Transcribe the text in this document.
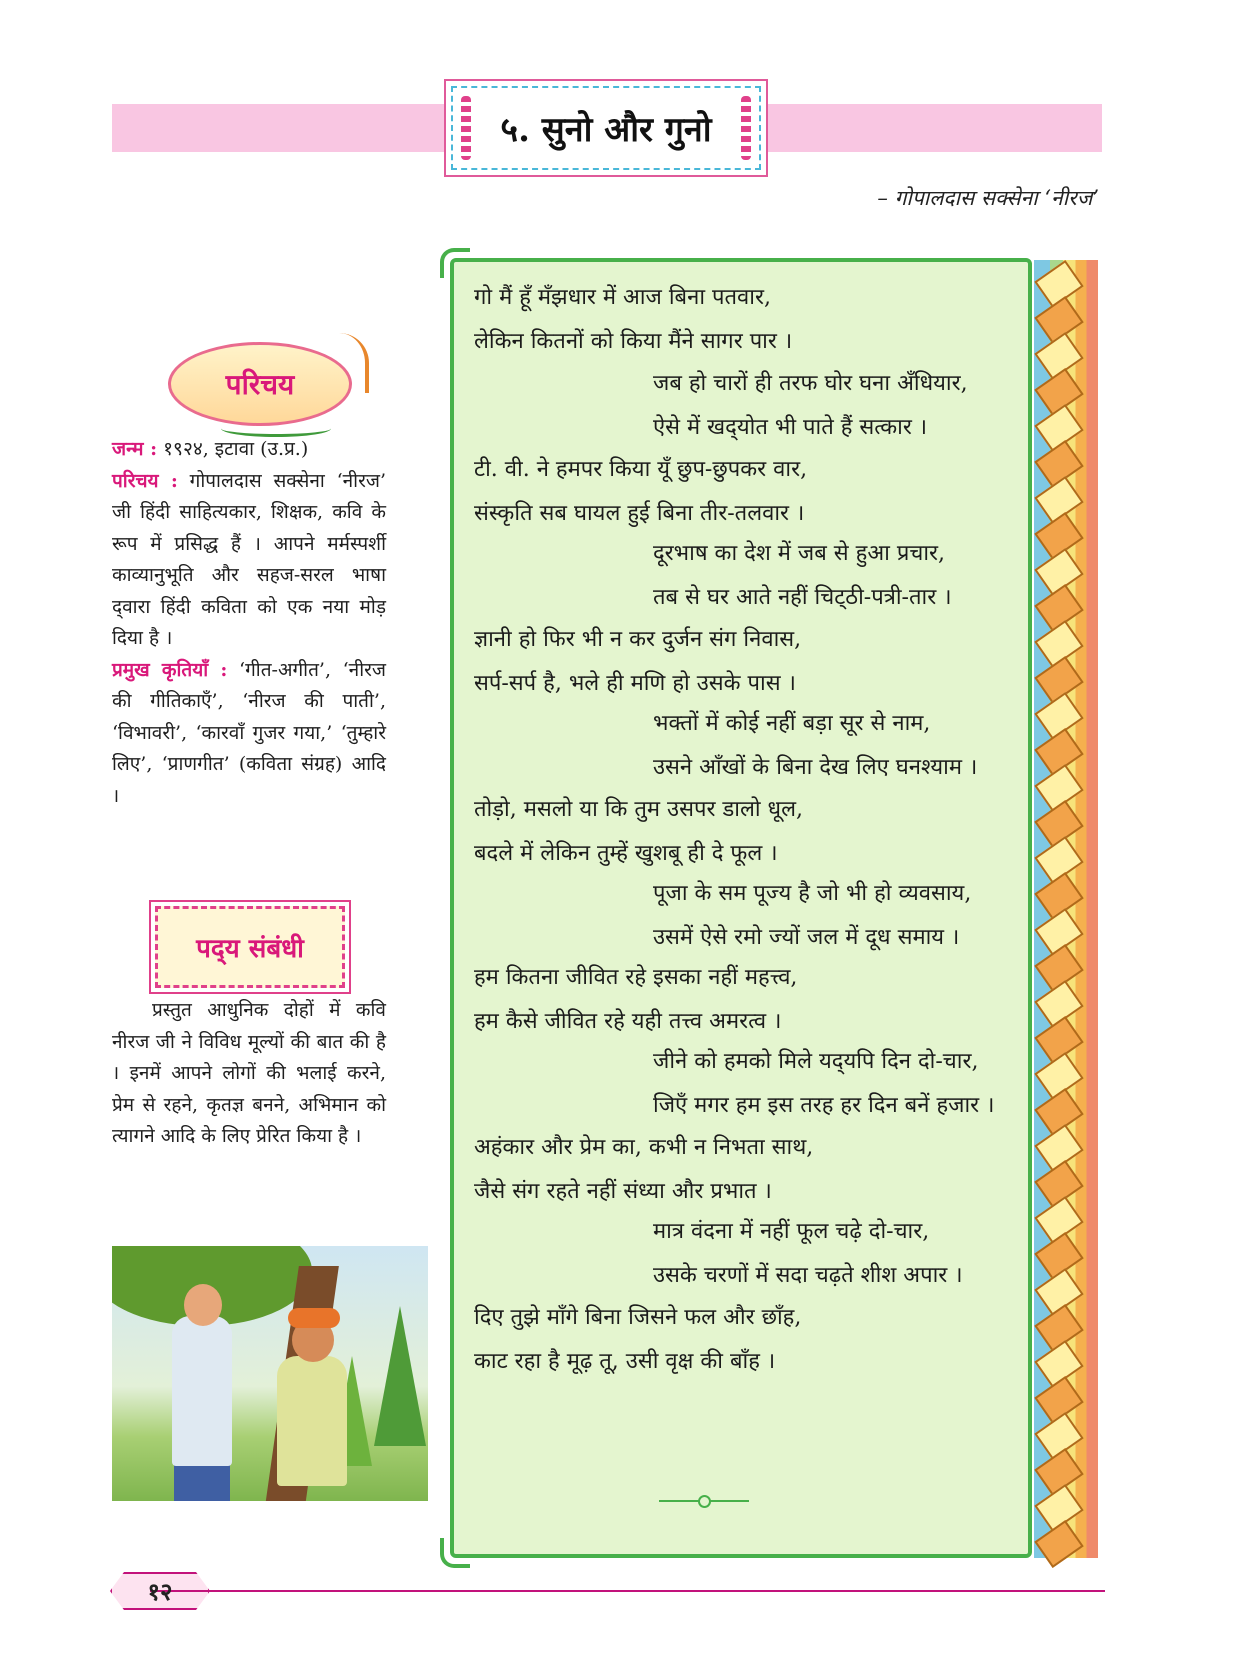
५. सुनो और गुनो
– गोपालदास सक्सेना ‘नीरज’
परिचय
जन्म : १९२४, इटावा (उ.प्र.)
परिचय : गोपालदास सक्सेना ‘नीरज’ जी हिंदी साहित्यकार, शिक्षक, कवि के रूप में प्रसिद्ध हैं । आपने मर्मस्पर्शी काव्यानुभूति और सहज-सरल भाषा द्‍वारा हिंदी कविता को एक नया मोड़ दिया है ।
प्रमुख कृतियाँ : ‘गीत-अगीत’, ‘नीरज की गीतिकाएँ’, ‘नीरज की पाती’, ‘विभावरी’, ‘कारवाँ गुजर गया,’ ‘तुम्हारे लिए’, ‘प्राणगीत’ (कविता संग्रह) आदि ।
पद्‍य संबंधी
प्रस्तुत आधुनिक दोहों में कवि नीरज जी ने विविध मूल्यों की बात की है । इनमें आपने लोगों की भलाई करने, प्रेम से रहने, कृतज्ञ बनने, अभिमान को त्यागने आदि के लिए प्रेरित किया है ।
गो मैं हूँ मँझधार में आज बिना पतवार,
लेकिन कितनों को किया मैंने सागर पार ।
जब हो चारों ही तरफ घोर घना अँधियार,
ऐसे में खद्‍योत भी पाते हैं सत्कार ।
टी. वी. ने हमपर किया यूँ छुप-छुपकर वार,
संस्कृति सब घायल हुई बिना तीर-तलवार ।
दूरभाष का देश में जब से हुआ प्रचार,
तब से घर आते नहीं चिट्‌ठी-पत्री-तार ।
ज्ञानी हो फिर भी न कर दुर्जन संग निवास,
सर्प-सर्प है, भले ही मणि हो उसके पास ।
भक्तों में कोई नहीं बड़ा सूर से नाम,
उसने आँखों के बिना देख लिए घनश्याम ।
तोड़ो, मसलो या कि तुम उसपर डालो धूल,
बदले में लेकिन तुम्हें खुशबू ही दे फूल ।
पूजा के सम पूज्य है जो भी हो व्यवसाय,
उसमें ऐसे रमो ज्यों जल में दूध समाय ।
हम कितना जीवित रहे इसका नहीं महत्त्व,
हम कैसे जीवित रहे यही तत्त्व अमरत्व ।
जीने को हमको मिले यद्‍यपि दिन दो-चार,
जिएँ मगर हम इस तरह हर दिन बनें हजार ।
अहंकार और प्रेम का, कभी न निभता साथ,
जैसे संग रहते नहीं संध्या और प्रभात ।
मात्र वंदना में नहीं फूल चढ़े दो-चार,
उसके चरणों में सदा चढ़ते शीश अपार ।
दिए तुझे माँगे बिना जिसने फल और छाँह,
काट रहा है मूढ़ तू, उसी वृक्ष की बाँह ।
१२
